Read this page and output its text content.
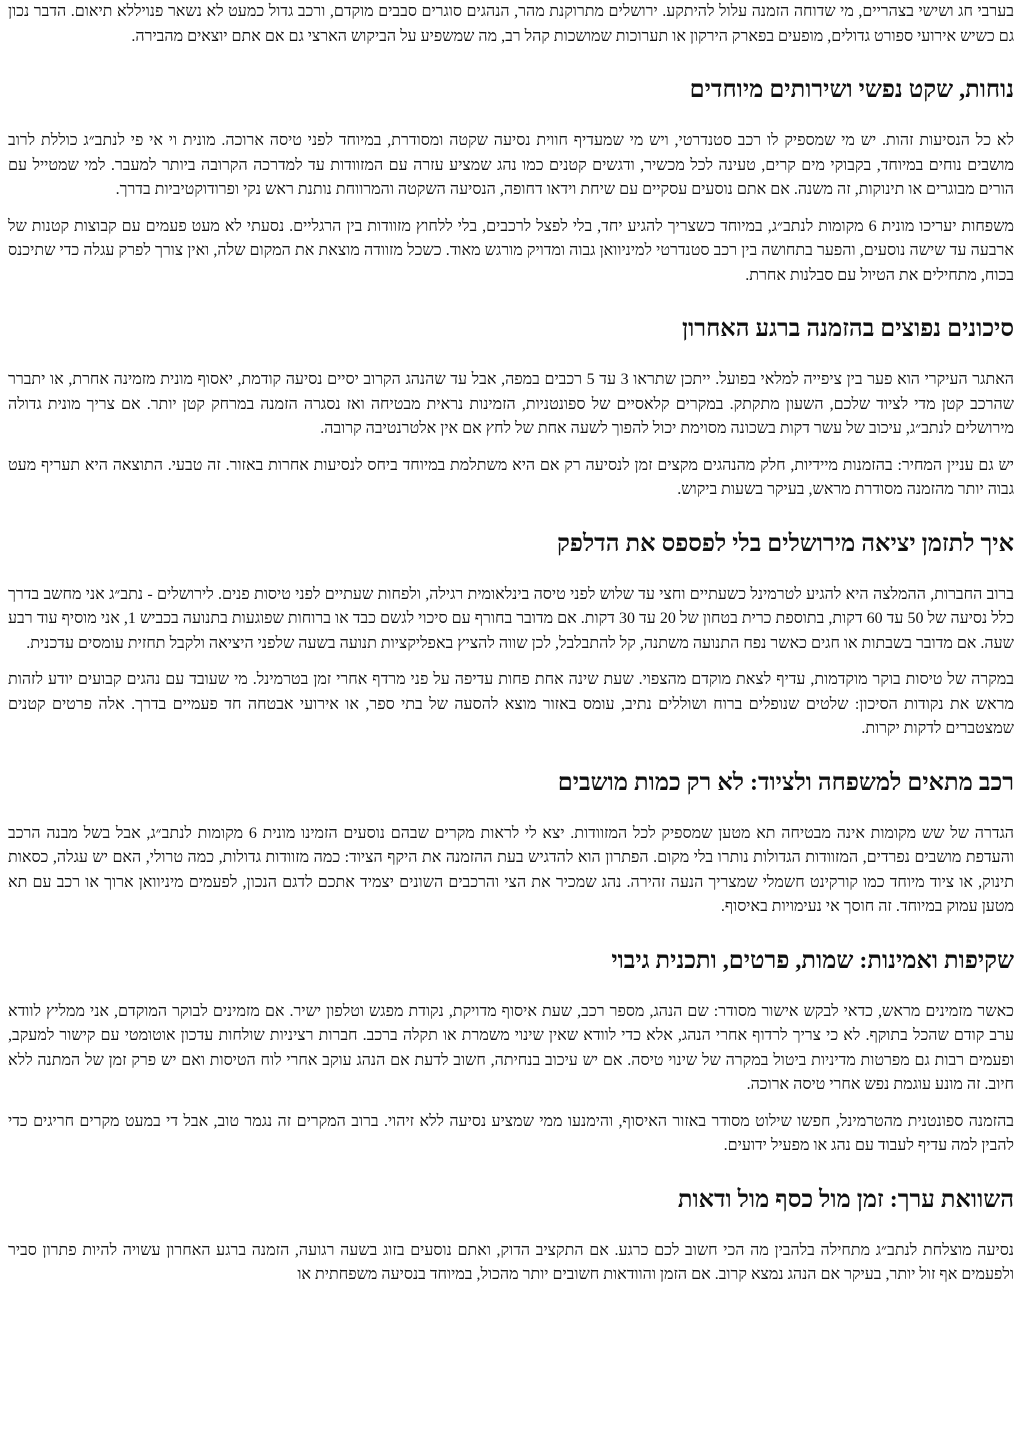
בערבי חג ושישי בצהריים, מי שדוחה הזמנה עלול להיתקע. ירושלים מתרוקנת מהר, הנהגים סוגרים סבבים מוקדם, ורכב גדול כמעט לא נשאר פנויללא תיאום. הדבר נכון גם כשיש אירועי ספורט גדולים, מופעים בפארק הירקון או תערוכות שמושכות קהל רב, מה שמשפיע על הביקוש הארצי גם אם אתם יוצאים מהבירה.

נוחות, שקט נפשי ושירותים מיוחדים

לא כל הנסיעות זהות. יש מי שמספיק לו רכב סטנדרטי, ויש מי שמעדיף חווית נסיעה שקטה ומסודרת, במיוחד לפני טיסה ארוכה. מונית וי אי פי לנתב״ג כוללת לרוב מושבים נוחים במיוחד, בקבוקי מים קרים, טעינה לכל מכשיר, ודגשים קטנים כמו נהג שמציע עזרה עם המזוודות עד למדרכה הקרובה ביותר למעבר. למי שמטייל עם הורים מבוגרים או תינוקות, זה משנה. אם אתם נוסעים עסקיים עם שיחת וידאו דחופה, הנסיעה השקטה והמרווחת נותנת ראש נקי ופרודוקטיביות בדרך.

משפחות יעריכו מונית 6 מקומות לנתב״ג, במיוחד כשצריך להגיע יחד, בלי לפצל לרכבים, בלי ללחוץ מזוודות בין הרגליים. נסעתי לא מעט פעמים עם קבוצות קטנות של ארבעה עד שישה נוסעים, והפער בתחושה בין רכב סטנדרטי למיניוואן גבוה ומדויק מורגש מאוד. כשכל מזוודה מוצאת את המקום שלה, ואין צורך לפרק עגלה כדי שתיכנס בכוח, מתחילים את הטיול עם סבלנות אחרת.

סיכונים נפוצים בהזמנה ברגע האחרון

האתגר העיקרי הוא פער בין ציפייה למלאי בפועל. ייתכן שתראו 3 עד 5 רכבים במפה, אבל עד שהנהג הקרוב יסיים נסיעה קודמת, יאסוף מונית מזמינה אחרת, או יתברר שהרכב קטן מדי לציוד שלכם, השעון מתקתק. במקרים קלאסיים של ספונטניות, הזמינות נראית מבטיחה ואז נסגרה הזמנה במרחק קטן יותר. אם צריך מונית גדולה מירושלים לנתב״ג, עיכוב של עשר דקות בשכונה מסוימת יכול להפוך לשעה אחת של לחץ אם אין אלטרנטיבה קרובה.

יש גם עניין המחיר: בהזמנות מיידיות, חלק מהנהגים מקצים זמן לנסיעה רק אם היא משתלמת במיוחד ביחס לנסיעות אחרות באזור. זה טבעי. התוצאה היא תעריף מעט גבוה יותר מהזמנה מסודרת מראש, בעיקר בשעות ביקוש.

איך לתזמן יציאה מירושלים בלי לפספס את הדלפק

ברוב החברות, ההמלצה היא להגיע לטרמינל כשעתיים וחצי עד שלוש לפני טיסה בינלאומית רגילה, ולפחות שעתיים לפני טיסות פנים. לירושלים - נתב״ג אני מחשב בדרך כלל נסיעה של 50 עד 60 דקות, בתוספת כרית בטחון של 20 עד 30 דקות. אם מדובר בחורף עם סיכוי לגשם כבד או ברוחות שפוגעות בתנועה בכביש 1, אני מוסיף עוד רבע שעה. אם מדובר בשבתות או חגים כאשר נפח התנועה משתנה, קל להתבלבל, לכן שווה להציץ באפליקציות תנועה בשעה שלפני היציאה ולקבל תחזית עומסים עדכנית.

במקרה של טיסות בוקר מוקדמות, עדיף לצאת מוקדם מהצפוי. שעת שינה אחת פחות עדיפה על פני מרדף אחרי זמן בטרמינל. מי שעובד עם נהגים קבועים יודע לזהות מראש את נקודות הסיכון: שלטים שנופלים ברוח ושוללים נתיב, עומס באזור מוצא להסעה של בתי ספר, או אירועי אבטחה חד פעמיים בדרך. אלה פרטים קטנים שמצטברים לדקות יקרות.

רכב מתאים למשפחה ולציוד: לא רק כמות מושבים

הגדרה של שש מקומות אינה מבטיחה תא מטען שמספיק לכל המזוודות. יצא לי לראות מקרים שבהם נוסעים הזמינו מונית 6 מקומות לנתב״ג, אבל בשל מבנה הרכב והעדפת מושבים נפרדים, המזוודות הגדולות נותרו בלי מקום. הפתרון הוא להדגיש בעת ההזמנה את היקף הציוד: כמה מזוודות גדולות, כמה טרולי, האם יש עגלה, כסאות תינוק, או ציוד מיוחד כמו קורקינט חשמלי שמצריך הנעה זהירה. נהג שמכיר את הצי והרכבים השונים יצמיד אתכם לדגם הנכון, לפעמים מיניוואן ארוך או רכב עם תא מטען עמוק במיוחד. זה חוסך אי נעימויות באיסוף.

שקיפות ואמינות: שמות, פרטים, ותכנית גיבוי

כאשר מזמינים מראש, כדאי לבקש אישור מסודר: שם הנהג, מספר רכב, שעת איסוף מדויקת, נקודת מפגש וטלפון ישיר. אם מזמינים לבוקר המוקדם, אני ממליץ לוודא ערב קודם שהכל בתוקף. לא כי צריך לרדוף אחרי הנהג, אלא כדי לוודא שאין שינוי משמרת או תקלה ברכב. חברות רציניות שולחות עדכון אוטומטי עם קישור למעקב, ופעמים רבות גם מפרטות מדיניות ביטול במקרה של שינוי טיסה. אם יש עיכוב בנחיתה, חשוב לדעת אם הנהג עוקב אחרי לוח הטיסות ואם יש פרק זמן של המתנה ללא חיוב. זה מונע עוגמת נפש אחרי טיסה ארוכה.

בהזמנה ספונטנית מהטרמינל, חפשו שילוט מסודר באזור האיסוף, והימנעו ממי שמציע נסיעה ללא זיהוי. ברוב המקרים זה נגמר טוב, אבל די במעט מקרים חריגים כדי להבין למה עדיף לעבוד עם נהג או מפעיל ידועים.

השוואת ערך: זמן מול כסף מול ודאות

נסיעה מוצלחת לנתב״ג מתחילה בלהבין מה הכי חשוב לכם כרגע. אם התקציב הדוק, ואתם נוסעים בזוג בשעה רגועה, הזמנה ברגע האחרון עשויה להיות פתרון סביר ולפעמים אף זול יותר, בעיקר אם הנהג נמצא קרוב. אם הזמן והוודאות חשובים יותר מהכול, במיוחד בנסיעה משפחתית או
